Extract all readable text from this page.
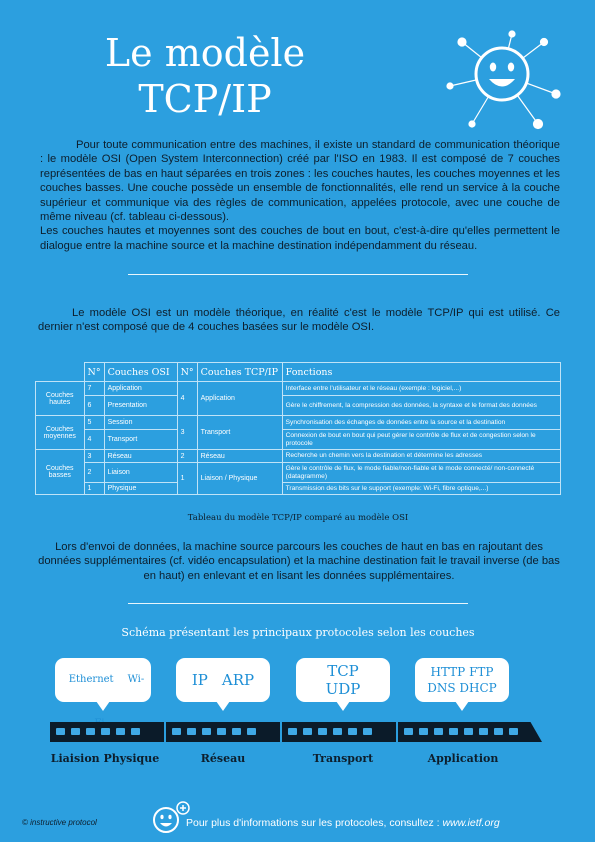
Le modèle
TCP/IP
Pour toute communication entre des machines, il existe un standard de communication théorique : le modèle OSI (Open System Interconnection) créé par l'ISO en 1983. Il est composé de 7 couches représentées de bas en haut séparées en trois zones : les couches hautes, les couches moyennes et les couches basses. Une couche possède un ensemble de fonctionnalités, elle rend un service à la couche supérieur et communique via des règles de communication, appelées protocole, avec une couche de même niveau (cf. tableau ci-dessous).
Les couches hautes et moyennes sont des couches de bout en bout, c'est-à-dire qu'elles permettent le dialogue entre la machine source et la machine destination indépendamment du réseau.
Le modèle OSI est un modèle théorique, en réalité c'est le modèle TCP/IP qui est utilisé. Ce dernier n'est composé que de 4 couches basées sur le modèle OSI.
	N°	Couches OSI	N°	Couches TCP/IP	Fonctions
Couches hautes	7	Application	4	Application	Interface entre l'utilisateur et le réseau (exemple : logiciel,...)
	6	Presentation			Gère le chiffrement, la compression des données, la syntaxe et le format des données
Couches moyennes	5	Session	3	Transport	Synchronisation des échanges de données entre la source et la destination
	4	Transport			Connexion de bout en bout qui peut gérer le contrôle de flux et de congestion selon le protocole
Couches basses	3	Réseau	2	Réseau	Recherche un chemin vers la destination et détermine les adresses
	2	Liaison	1	Liaison / Physique	Gère le contrôle de flux, le mode fiable/non-fiable et le mode connecté/ non-connecté (datagramme)
	1	Physique			Transmission des bits sur le support (exemple: Wi-Fi, fibre optique,...)
Tableau du modèle TCP/IP comparé au modèle OSI
Lors d'envoi de données, la machine source parcours les couches de haut en bas en rajoutant des données supplémentaires (cf. vidéo encapsulation) et la machine destination fait le travail inverse (de bas en haut) en enlevant et en lisant les données supplémentaires.
Schéma présentant les principaux protocoles selon les couches
Ethernet Wi-	IP ARP	TCP
UDP
HTTP FTP
DNS DHCP
Liaision Physique	Réseau	Transport	Application
© instructive protocol	Pour plus d'informations sur les protocoles, consultez : www.ietf.org
